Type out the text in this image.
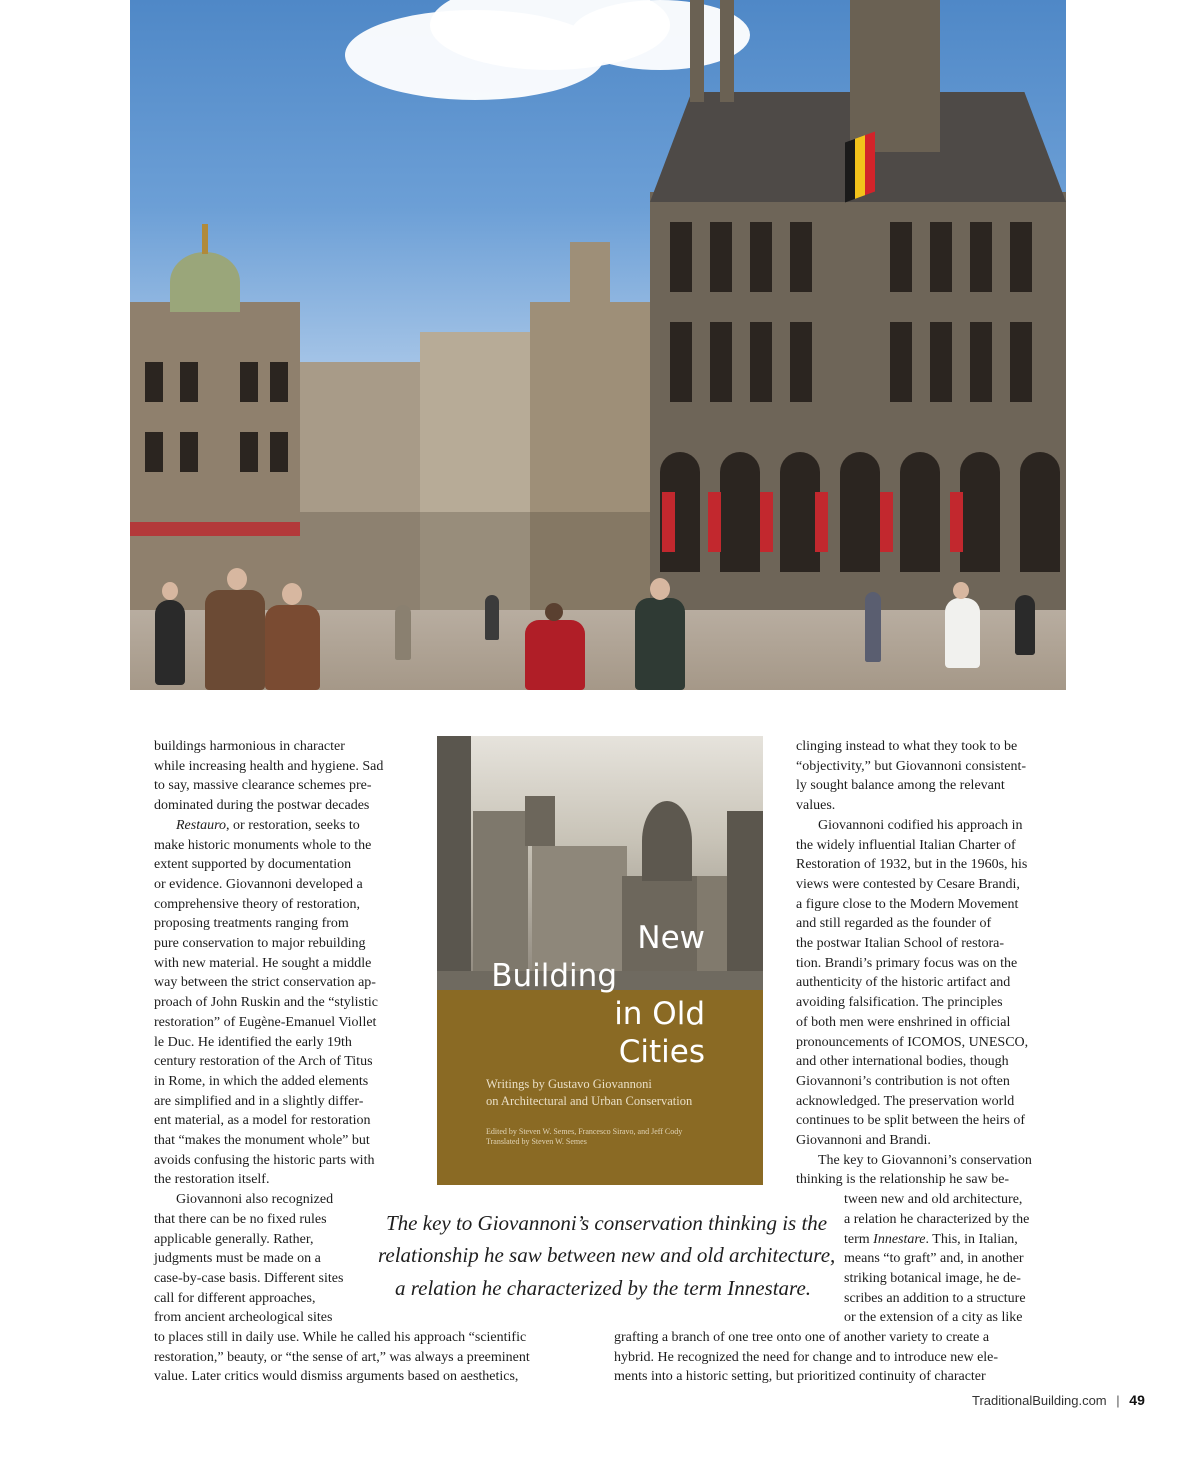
buildings harmonious in character
while increasing health and hygiene. Sad
to say, massive clearance schemes pre-
dominated during the postwar decades
Restauro, or restoration, seeks to
make historic monuments whole to the
extent supported by documentation
or evidence. Giovannoni developed a
comprehensive theory of restoration,
proposing treatments ranging from
pure conservation to major rebuilding
with new material. He sought a middle
way between the strict conservation ap-
proach of John Ruskin and the “stylistic
restoration” of Eugène-Emanuel Viollet
le Duc. He identified the early 19th
century restoration of the Arch of Titus
in Rome, in which the added elements
are simplified and in a slightly differ-
ent material, as a model for restoration
that “makes the monument whole” but
avoids confusing the historic parts with
the restoration itself.
Giovannoni also recognized
that there can be no fixed rules
applicable generally. Rather,
judgments must be made on a
case-by-case basis. Different sites
call for different approaches,
from ancient archeological sites
New
Building
in Old
Cities
Writings by Gustavo Giovannoni
on Architectural and Urban Conservation
Edited by Steven W. Semes, Francesco Siravo, and Jeff Cody
Translated by Steven W. Semes
The key to Giovannoni’s conservation thinking is the
relationship he saw between new and old architecture,
a relation he characterized by the term Innestare.
clinging instead to what they took to be
“objectivity,” but Giovannoni consistent-
ly sought balance among the relevant
values.
Giovannoni codified his approach in
the widely influential Italian Charter of
Restoration of 1932, but in the 1960s, his
views were contested by Cesare Brandi,
a figure close to the Modern Movement
and still regarded as the founder of
the postwar Italian School of restora-
tion. Brandi’s primary focus was on the
authenticity of the historic artifact and
avoiding falsification. The principles
of both men were enshrined in official
pronouncements of ICOMOS, UNESCO,
and other international bodies, though
Giovannoni’s contribution is not often
acknowledged. The preservation world
continues to be split between the heirs of
Giovannoni and Brandi.
The key to Giovannoni’s conservation
thinking is the relationship he saw be-
tween new and old architecture,
a relation he characterized by the
term Innestare. This, in Italian,
means “to graft” and, in another
striking botanical image, he de-
scribes an addition to a structure
or the extension of a city as like
to places still in daily use. While he called his approach “scientific
restoration,” beauty, or “the sense of art,” was always a preeminent
value. Later critics would dismiss arguments based on aesthetics,
grafting a branch of one tree onto one of another variety to create a
hybrid. He recognized the need for change and to introduce new ele-
ments into a historic setting, but prioritized continuity of character
TraditionalBuilding.com | 49
